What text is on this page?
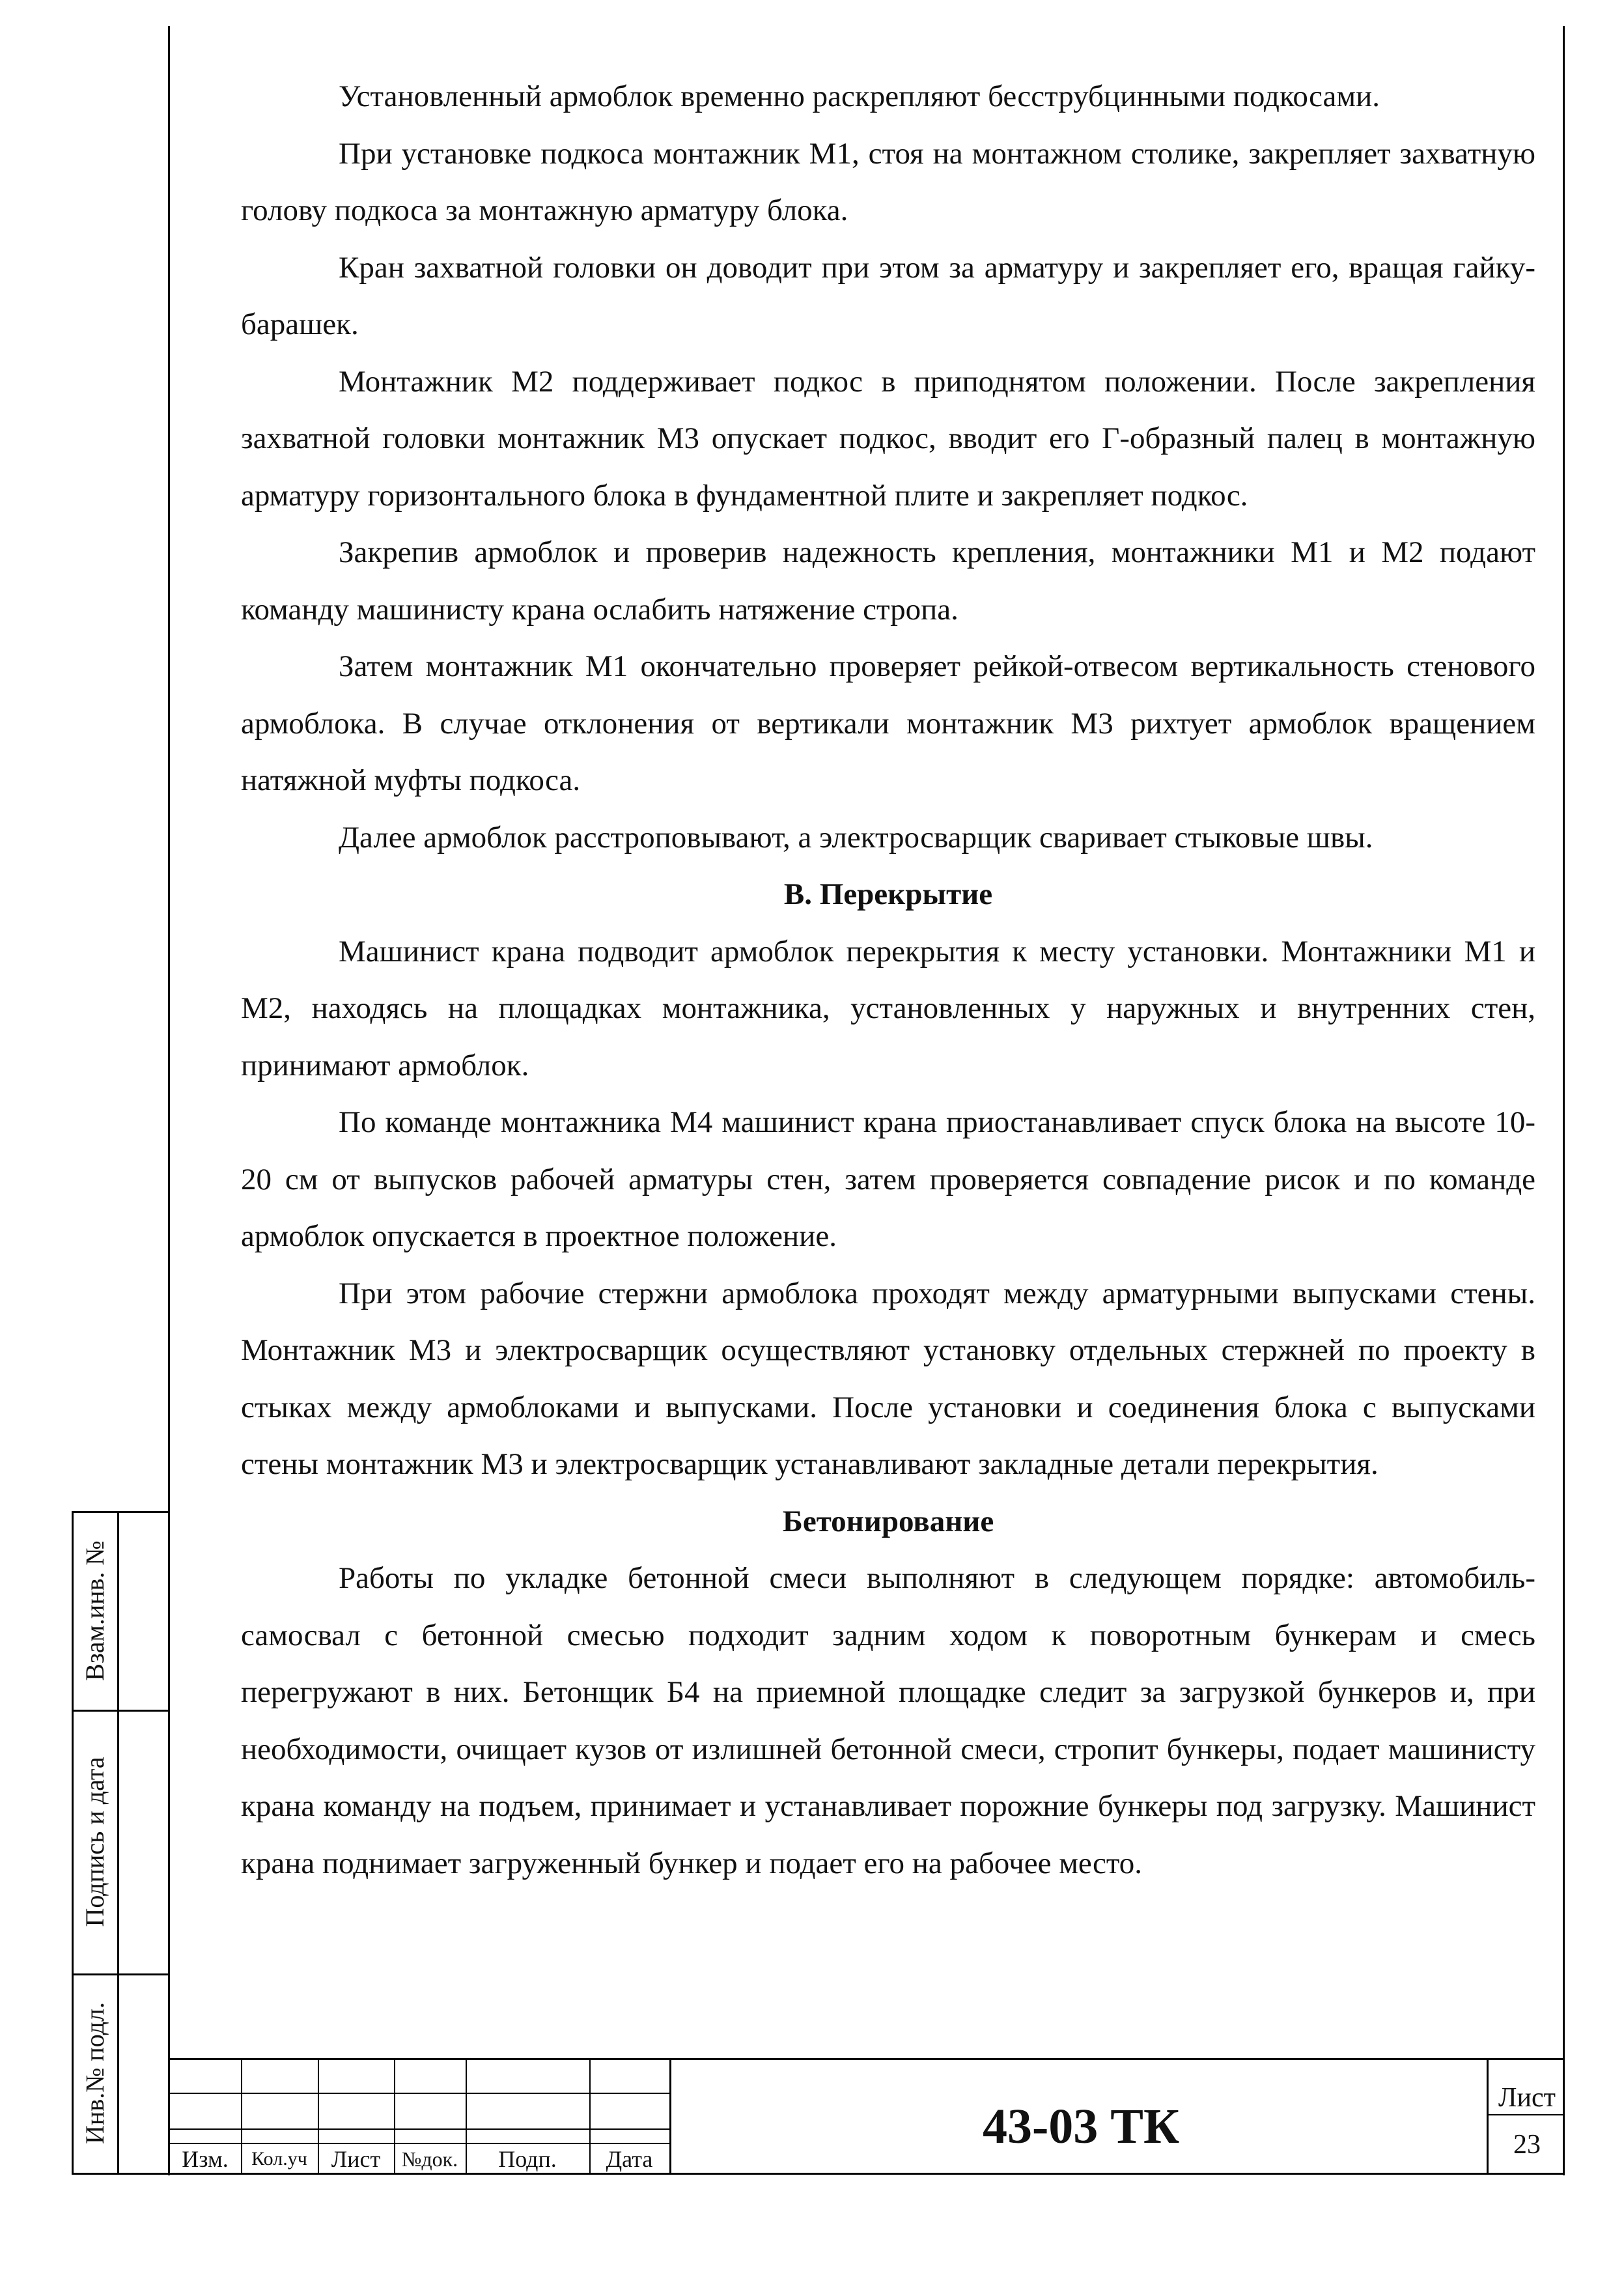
Установленный армоблок временно раскрепляют бесструбцинными подкосами.

При установке подкоса монтажник М1, стоя на монтажном столике, закрепляет захватную голову подкоса за монтажную арматуру блока.

Кран захватной головки он доводит при этом за арматуру и закрепляет его, вращая гайку-барашек.

Монтажник М2 поддерживает подкос в приподнятом положении. После закрепления захватной головки монтажник М3 опускает подкос, вводит его Г-образный палец в монтажную арматуру горизонтального блока в фундаментной плите и закрепляет подкос.

Закрепив армоблок и проверив надежность крепления, монтажники М1 и М2 подают команду машинисту крана ослабить натяжение стропа.

Затем монтажник М1 окончательно проверяет рейкой-отвесом вертикальность стенового армоблока. В случае отклонения от вертикали монтажник М3 рихтует армоблок вращением натяжной муфты подкоса.

Далее армоблок расстроповывают, а электросварщик сваривает стыковые швы.

В. Перекрытие

Машинист крана подводит армоблок перекрытия к месту установки. Монтажники М1 и М2, находясь на площадках монтажника, установленных у наружных и внутренних стен, принимают армоблок.

По команде монтажника М4 машинист крана приостанавливает спуск блока на высоте 10-20 см от выпусков рабочей арматуры стен, затем проверяется совпадение рисок и по команде армоблок опускается в проектное положение.

При этом рабочие стержни армоблока проходят между арматурными выпусками стены. Монтажник М3 и электросварщик осуществляют установку отдельных стержней по проекту в стыках между армоблоками и выпусками. После установки и соединения блока с выпусками стены монтажник М3 и электросварщик устанавливают закладные детали перекрытия.

Бетонирование

Работы по укладке бетонной смеси выполняют в следующем порядке: автомобиль-самосвал с бетонной смесью подходит задним ходом к поворотным бункерам и смесь перегружают в них. Бетонщик Б4 на приемной площадке следит за загрузкой бункеров и, при необходимости, очищает кузов от излишней бетонной смеси, стропит бункеры, подает машинисту крана команду на подъем, принимает и устанавливает порожние бункеры под загрузку. Машинист крана поднимает загруженный бункер и подает его на рабочее место.

Взам.инв. №
Подпись и дата
Инв.№ подл.
Изм.	Кол.уч	Лист	№док.	Подп.	Дата
43-03 ТК
Лист
23
